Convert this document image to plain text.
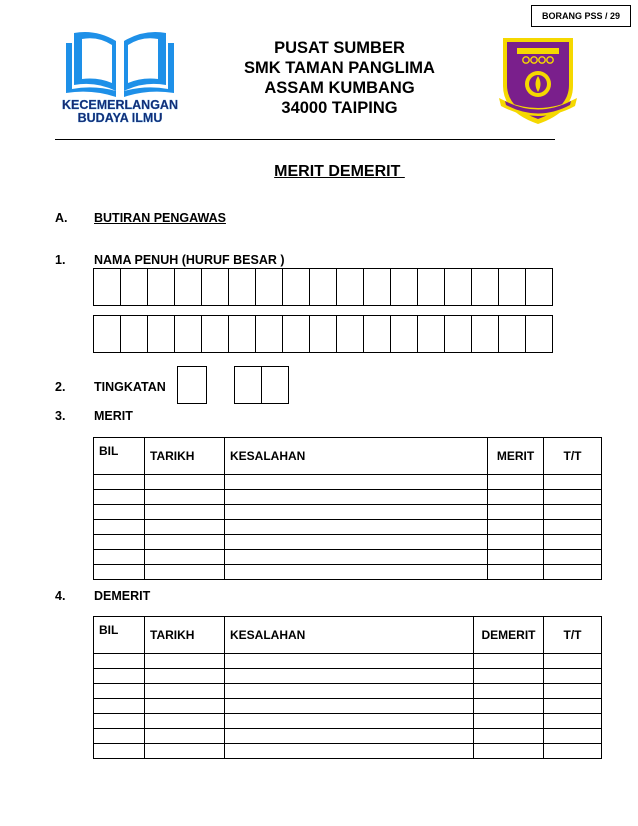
BORANG PSS / 29
KECEMERLANGAN
BUDAYA ILMU
PUSAT SUMBER
SMK TAMAN PANGLIMA
ASSAM KUMBANG
34000 TAIPING
MERIT DEMERIT
A. BUTIRAN PENGAWAS
1. NAMA PENUH (HURUF BESAR )
2. TINGKATAN
3. MERIT
BIL	TARIKH	KESALAHAN	MERIT	T/T

4. DEMERIT
BIL	TARIKH	KESALAHAN	DEMERIT	T/T
